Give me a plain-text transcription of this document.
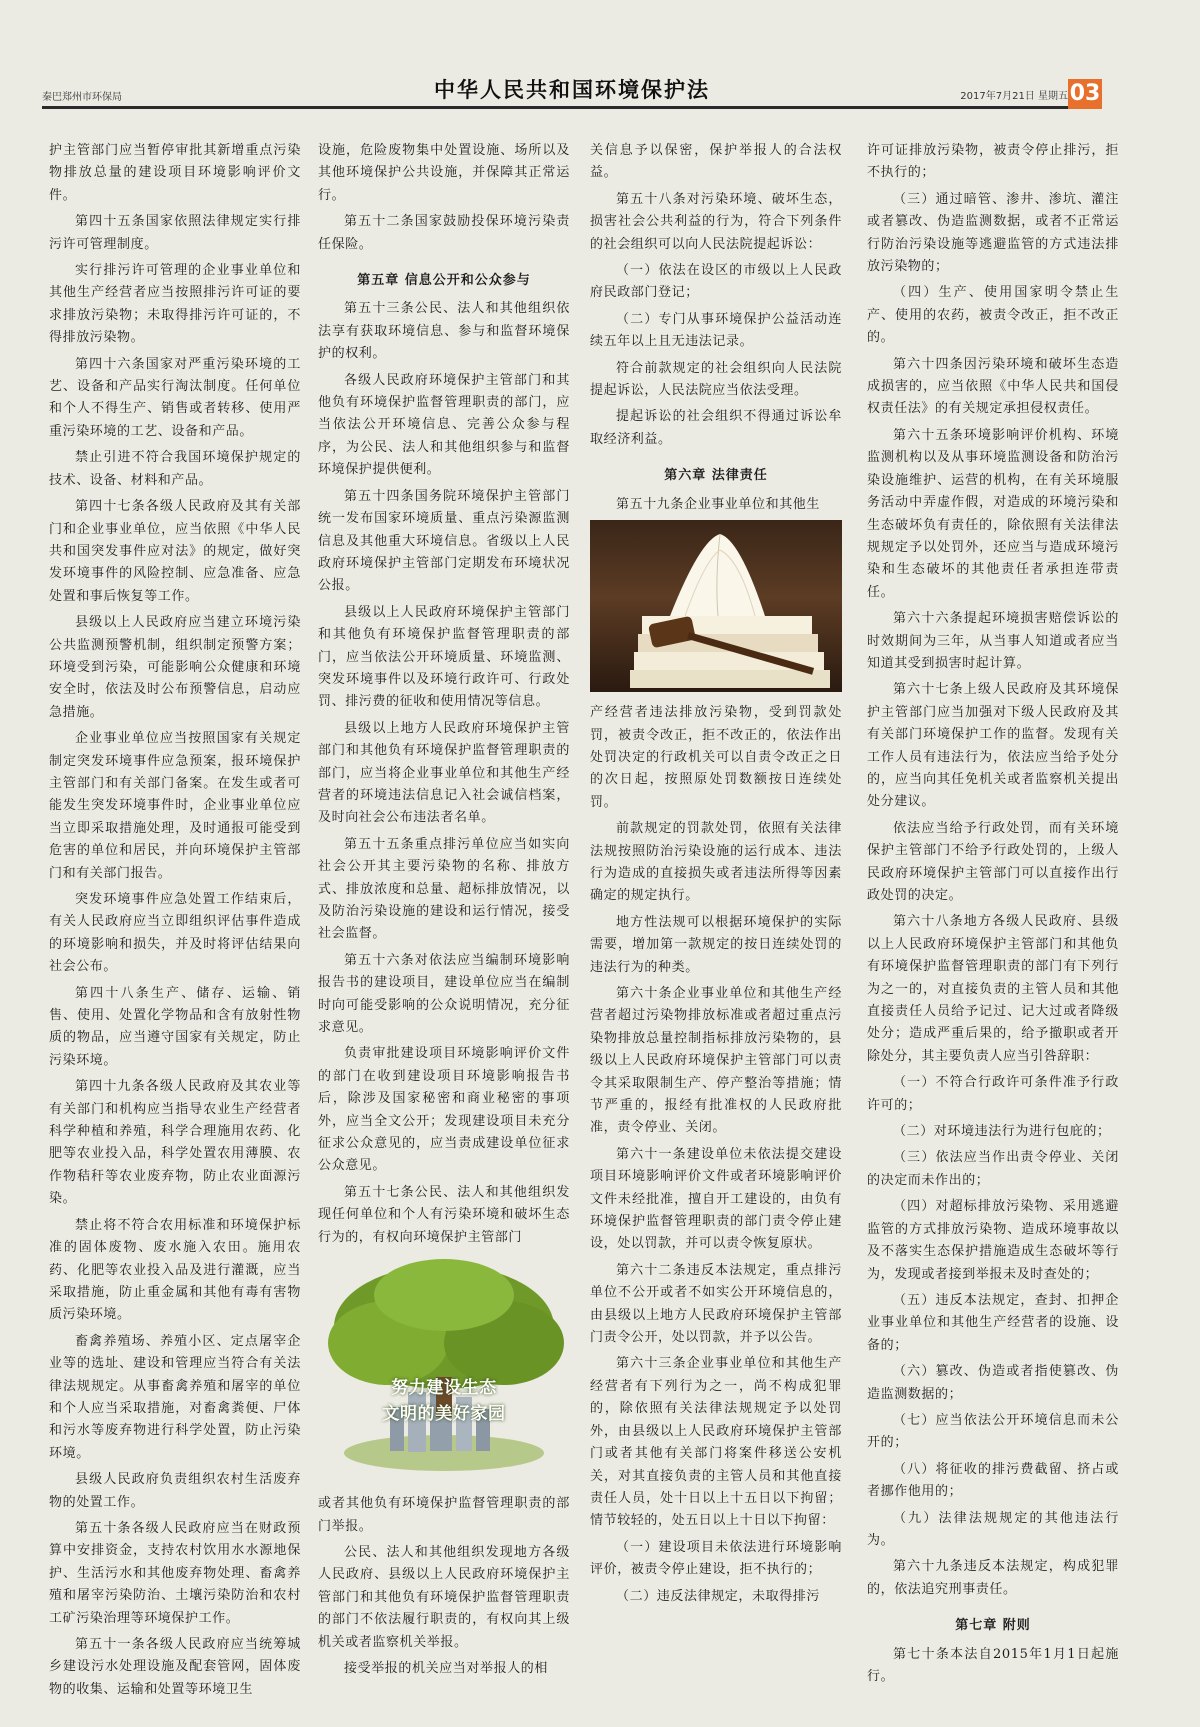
秦巴郑州市环保局	中华人民共和国环境保护法	2017年7月21日 星期五 03

护主管部门应当暂停审批其新增重点污染物排放总量的建设项目环境影响评价文件。

第四十五条国家依照法律规定实行排污许可管理制度。

实行排污许可管理的企业事业单位和其他生产经营者应当按照排污许可证的要求排放污染物；未取得排污许可证的，不得排放污染物。

第四十六条国家对严重污染环境的工艺、设备和产品实行淘汰制度。任何单位和个人不得生产、销售或者转移、使用严重污染环境的工艺、设备和产品。

禁止引进不符合我国环境保护规定的技术、设备、材料和产品。

第四十七条各级人民政府及其有关部门和企业事业单位，应当依照《中华人民共和国突发事件应对法》的规定，做好突发环境事件的风险控制、应急准备、应急处置和事后恢复等工作。

县级以上人民政府应当建立环境污染公共监测预警机制，组织制定预警方案；环境受到污染，可能影响公众健康和环境安全时，依法及时公布预警信息，启动应急措施。

企业事业单位应当按照国家有关规定制定突发环境事件应急预案，报环境保护主管部门和有关部门备案。在发生或者可能发生突发环境事件时，企业事业单位应当立即采取措施处理，及时通报可能受到危害的单位和居民，并向环境保护主管部门和有关部门报告。

突发环境事件应急处置工作结束后，有关人民政府应当立即组织评估事件造成的环境影响和损失，并及时将评估结果向社会公布。

第四十八条生产、储存、运输、销售、使用、处置化学物品和含有放射性物质的物品，应当遵守国家有关规定，防止污染环境。

第四十九条各级人民政府及其农业等有关部门和机构应当指导农业生产经营者科学种植和养殖，科学合理施用农药、化肥等农业投入品，科学处置农用薄膜、农作物秸秆等农业废弃物，防止农业面源污染。

禁止将不符合农用标准和环境保护标准的固体废物、废水施入农田。施用农药、化肥等农业投入品及进行灌溉，应当采取措施，防止重金属和其他有毒有害物质污染环境。

畜禽养殖场、养殖小区、定点屠宰企业等的选址、建设和管理应当符合有关法律法规规定。从事畜禽养殖和屠宰的单位和个人应当采取措施，对畜禽粪便、尸体和污水等废弃物进行科学处置，防止污染环境。

县级人民政府负责组织农村生活废弃物的处置工作。

第五十条各级人民政府应当在财政预算中安排资金，支持农村饮用水水源地保护、生活污水和其他废弃物处理、畜禽养殖和屠宰污染防治、土壤污染防治和农村工矿污染治理等环境保护工作。

第五十一条各级人民政府应当统筹城乡建设污水处理设施及配套管网，固体废物的收集、运输和处置等环境卫生

设施，危险废物集中处置设施、场所以及其他环境保护公共设施，并保障其正常运行。

第五十二条国家鼓励投保环境污染责任保险。

第五章 信息公开和公众参与

第五十三条公民、法人和其他组织依法享有获取环境信息、参与和监督环境保护的权利。

各级人民政府环境保护主管部门和其他负有环境保护监督管理职责的部门，应当依法公开环境信息、完善公众参与程序，为公民、法人和其他组织参与和监督环境保护提供便利。

第五十四条国务院环境保护主管部门统一发布国家环境质量、重点污染源监测信息及其他重大环境信息。省级以上人民政府环境保护主管部门定期发布环境状况公报。

县级以上人民政府环境保护主管部门和其他负有环境保护监督管理职责的部门，应当依法公开环境质量、环境监测、突发环境事件以及环境行政许可、行政处罚、排污费的征收和使用情况等信息。

县级以上地方人民政府环境保护主管部门和其他负有环境保护监督管理职责的部门，应当将企业事业单位和其他生产经营者的环境违法信息记入社会诚信档案，及时向社会公布违法者名单。

第五十五条重点排污单位应当如实向社会公开其主要污染物的名称、排放方式、排放浓度和总量、超标排放情况，以及防治污染设施的建设和运行情况，接受社会监督。

第五十六条对依法应当编制环境影响报告书的建设项目，建设单位应当在编制时向可能受影响的公众说明情况，充分征求意见。

负责审批建设项目环境影响评价文件的部门在收到建设项目环境影响报告书后，除涉及国家秘密和商业秘密的事项外，应当全文公开；发现建设项目未充分征求公众意见的，应当责成建设单位征求公众意见。

第五十七条公民、法人和其他组织发现任何单位和个人有污染环境和破坏生态行为的，有权向环境保护主管部门

努力建设生态
文明的美好家园

或者其他负有环境保护监督管理职责的部门举报。

公民、法人和其他组织发现地方各级人民政府、县级以上人民政府环境保护主管部门和其他负有环境保护监督管理职责的部门不依法履行职责的，有权向其上级机关或者监察机关举报。

接受举报的机关应当对举报人的相

关信息予以保密，保护举报人的合法权益。

第五十八条对污染环境、破坏生态，损害社会公共利益的行为，符合下列条件的社会组织可以向人民法院提起诉讼：

（一）依法在设区的市级以上人民政府民政部门登记；

（二）专门从事环境保护公益活动连续五年以上且无违法记录。

符合前款规定的社会组织向人民法院提起诉讼，人民法院应当依法受理。

提起诉讼的社会组织不得通过诉讼牟取经济利益。

第六章 法律责任

第五十九条企业事业单位和其他生

产经营者违法排放污染物，受到罚款处罚，被责令改正，拒不改正的，依法作出处罚决定的行政机关可以自责令改正之日的次日起，按照原处罚数额按日连续处罚。

前款规定的罚款处罚，依照有关法律法规按照防治污染设施的运行成本、违法行为造成的直接损失或者违法所得等因素确定的规定执行。

地方性法规可以根据环境保护的实际需要，增加第一款规定的按日连续处罚的违法行为的种类。

第六十条企业事业单位和其他生产经营者超过污染物排放标准或者超过重点污染物排放总量控制指标排放污染物的，县级以上人民政府环境保护主管部门可以责令其采取限制生产、停产整治等措施；情节严重的，报经有批准权的人民政府批准，责令停业、关闭。

第六十一条建设单位未依法提交建设项目环境影响评价文件或者环境影响评价文件未经批准，擅自开工建设的，由负有环境保护监督管理职责的部门责令停止建设，处以罚款，并可以责令恢复原状。

第六十二条违反本法规定，重点排污单位不公开或者不如实公开环境信息的，由县级以上地方人民政府环境保护主管部门责令公开，处以罚款，并予以公告。

第六十三条企业事业单位和其他生产经营者有下列行为之一，尚不构成犯罪的，除依照有关法律法规规定予以处罚外，由县级以上人民政府环境保护主管部门或者其他有关部门将案件移送公安机关，对其直接负责的主管人员和其他直接责任人员，处十日以上十五日以下拘留；情节较轻的，处五日以上十日以下拘留：

（一）建设项目未依法进行环境影响评价，被责令停止建设，拒不执行的；

（二）违反法律规定，未取得排污

许可证排放污染物，被责令停止排污，拒不执行的；

（三）通过暗管、渗井、渗坑、灌注或者篡改、伪造监测数据，或者不正常运行防治污染设施等逃避监管的方式违法排放污染物的；

（四）生产、使用国家明令禁止生产、使用的农药，被责令改正，拒不改正的。

第六十四条因污染环境和破坏生态造成损害的，应当依照《中华人民共和国侵权责任法》的有关规定承担侵权责任。

第六十五条环境影响评价机构、环境监测机构以及从事环境监测设备和防治污染设施维护、运营的机构，在有关环境服务活动中弄虚作假，对造成的环境污染和生态破坏负有责任的，除依照有关法律法规规定予以处罚外，还应当与造成环境污染和生态破坏的其他责任者承担连带责任。

第六十六条提起环境损害赔偿诉讼的时效期间为三年，从当事人知道或者应当知道其受到损害时起计算。

第六十七条上级人民政府及其环境保护主管部门应当加强对下级人民政府及其有关部门环境保护工作的监督。发现有关工作人员有违法行为，依法应当给予处分的，应当向其任免机关或者监察机关提出处分建议。

依法应当给予行政处罚，而有关环境保护主管部门不给予行政处罚的，上级人民政府环境保护主管部门可以直接作出行政处罚的决定。

第六十八条地方各级人民政府、县级以上人民政府环境保护主管部门和其他负有环境保护监督管理职责的部门有下列行为之一的，对直接负责的主管人员和其他直接责任人员给予记过、记大过或者降级处分；造成严重后果的，给予撤职或者开除处分，其主要负责人应当引咎辞职：

（一）不符合行政许可条件准予行政许可的；

（二）对环境违法行为进行包庇的；

（三）依法应当作出责令停业、关闭的决定而未作出的；

（四）对超标排放污染物、采用逃避监管的方式排放污染物、造成环境事故以及不落实生态保护措施造成生态破坏等行为，发现或者接到举报未及时查处的；

（五）违反本法规定，查封、扣押企业事业单位和其他生产经营者的设施、设备的；

（六）篡改、伪造或者指使篡改、伪造监测数据的；

（七）应当依法公开环境信息而未公开的；

（八）将征收的排污费截留、挤占或者挪作他用的；

（九）法律法规规定的其他违法行为。

第六十九条违反本法规定，构成犯罪的，依法追究刑事责任。

第七章 附则

第七十条本法自2015年1月1日起施行。
